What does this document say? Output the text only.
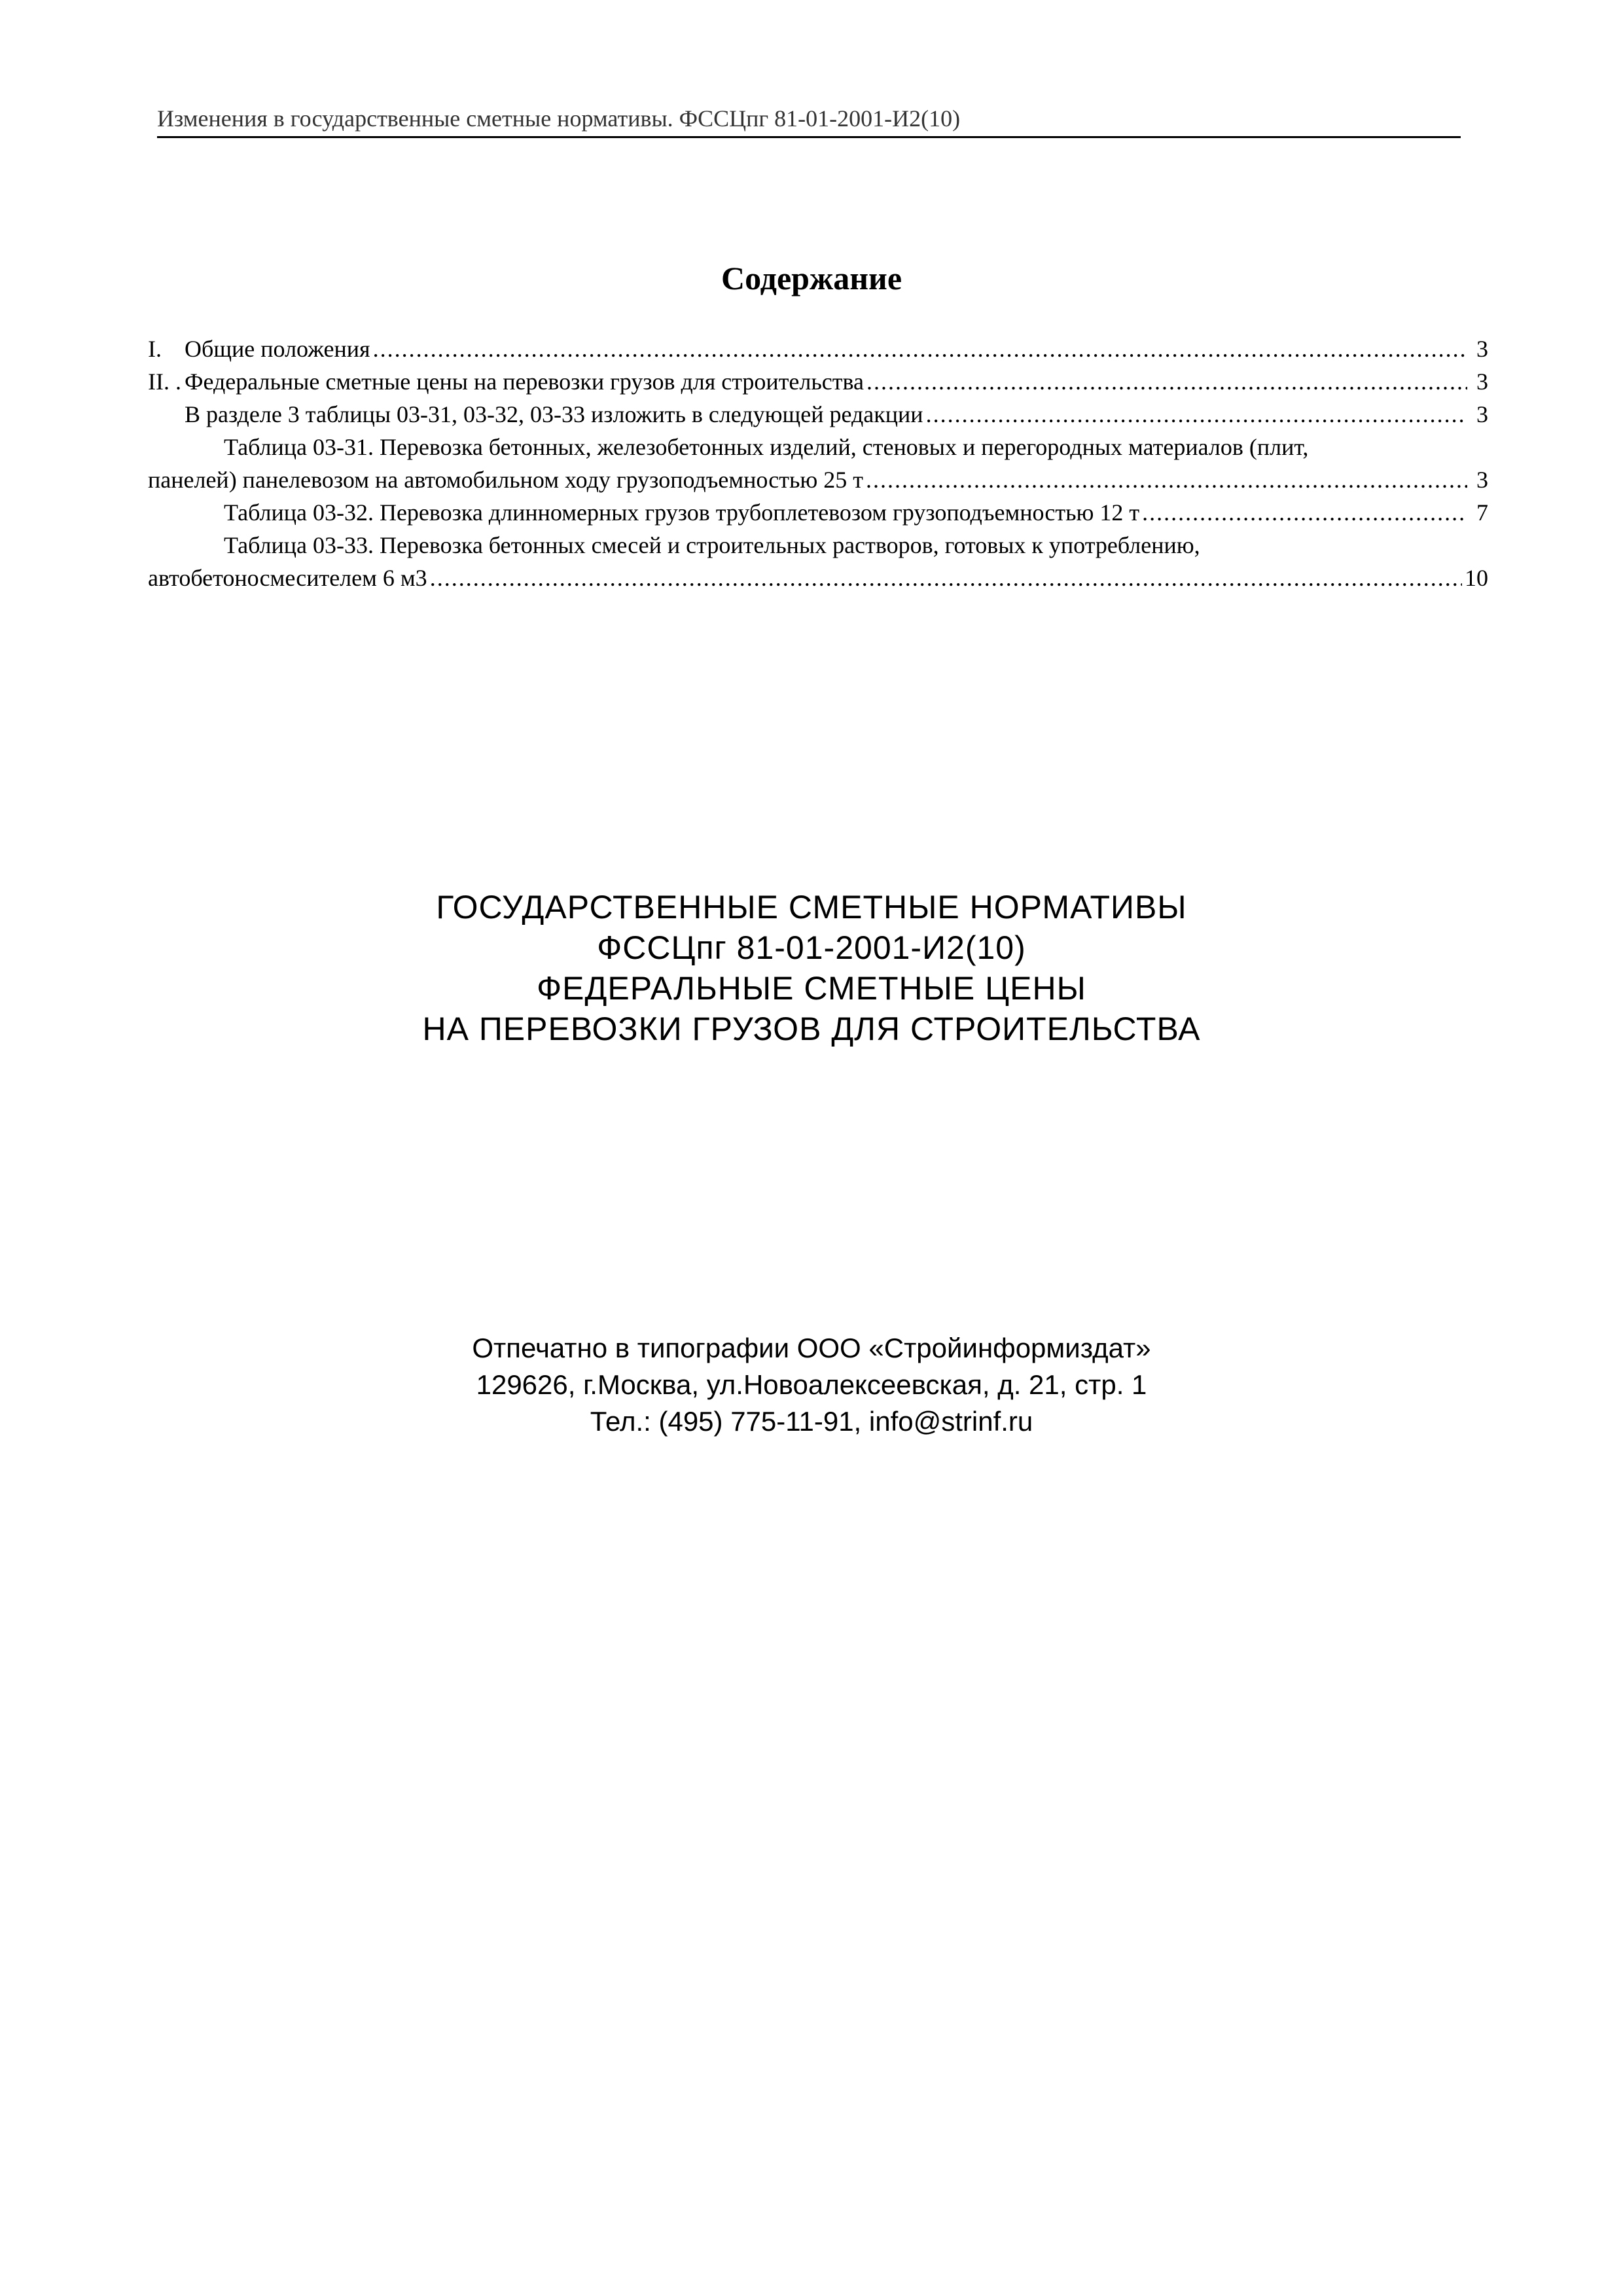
Изменения в государственные сметные нормативы. ФССЦпг 81-01-2001-И2(10)
Содержание
I. Общие положения .....	3
II. . Федеральные сметные цены на перевозки грузов для строительства .....	3
В разделе 3 таблицы 03-31, 03-32, 03-33 изложить в следующей редакции .....	3
Таблица 03-31. Перевозка бетонных, железобетонных изделий, стеновых и перегородных материалов (плит,
панелей) панелевозом на автомобильном ходу грузоподъемностью 25 т .....	3
Таблица 03-32. Перевозка длинномерных грузов трубоплетевозом грузоподъемностью 12 т .....	7
Таблица 03-33. Перевозка бетонных смесей и строительных растворов, готовых к употреблению,
автобетоносмесителем 6 м3 .....	10
ГОСУДАРСТВЕННЫЕ СМЕТНЫЕ НОРМАТИВЫ
ФССЦпг 81-01-2001-И2(10)
ФЕДЕРАЛЬНЫЕ СМЕТНЫЕ ЦЕНЫ
НА ПЕРЕВОЗКИ ГРУЗОВ ДЛЯ СТРОИТЕЛЬСТВА
Отпечатно в типографии ООО «Стройинформиздат»
129626, г.Москва, ул.Новоалексеевская, д. 21, стр. 1
Тел.: (495) 775-11-91, info@strinf.ru
